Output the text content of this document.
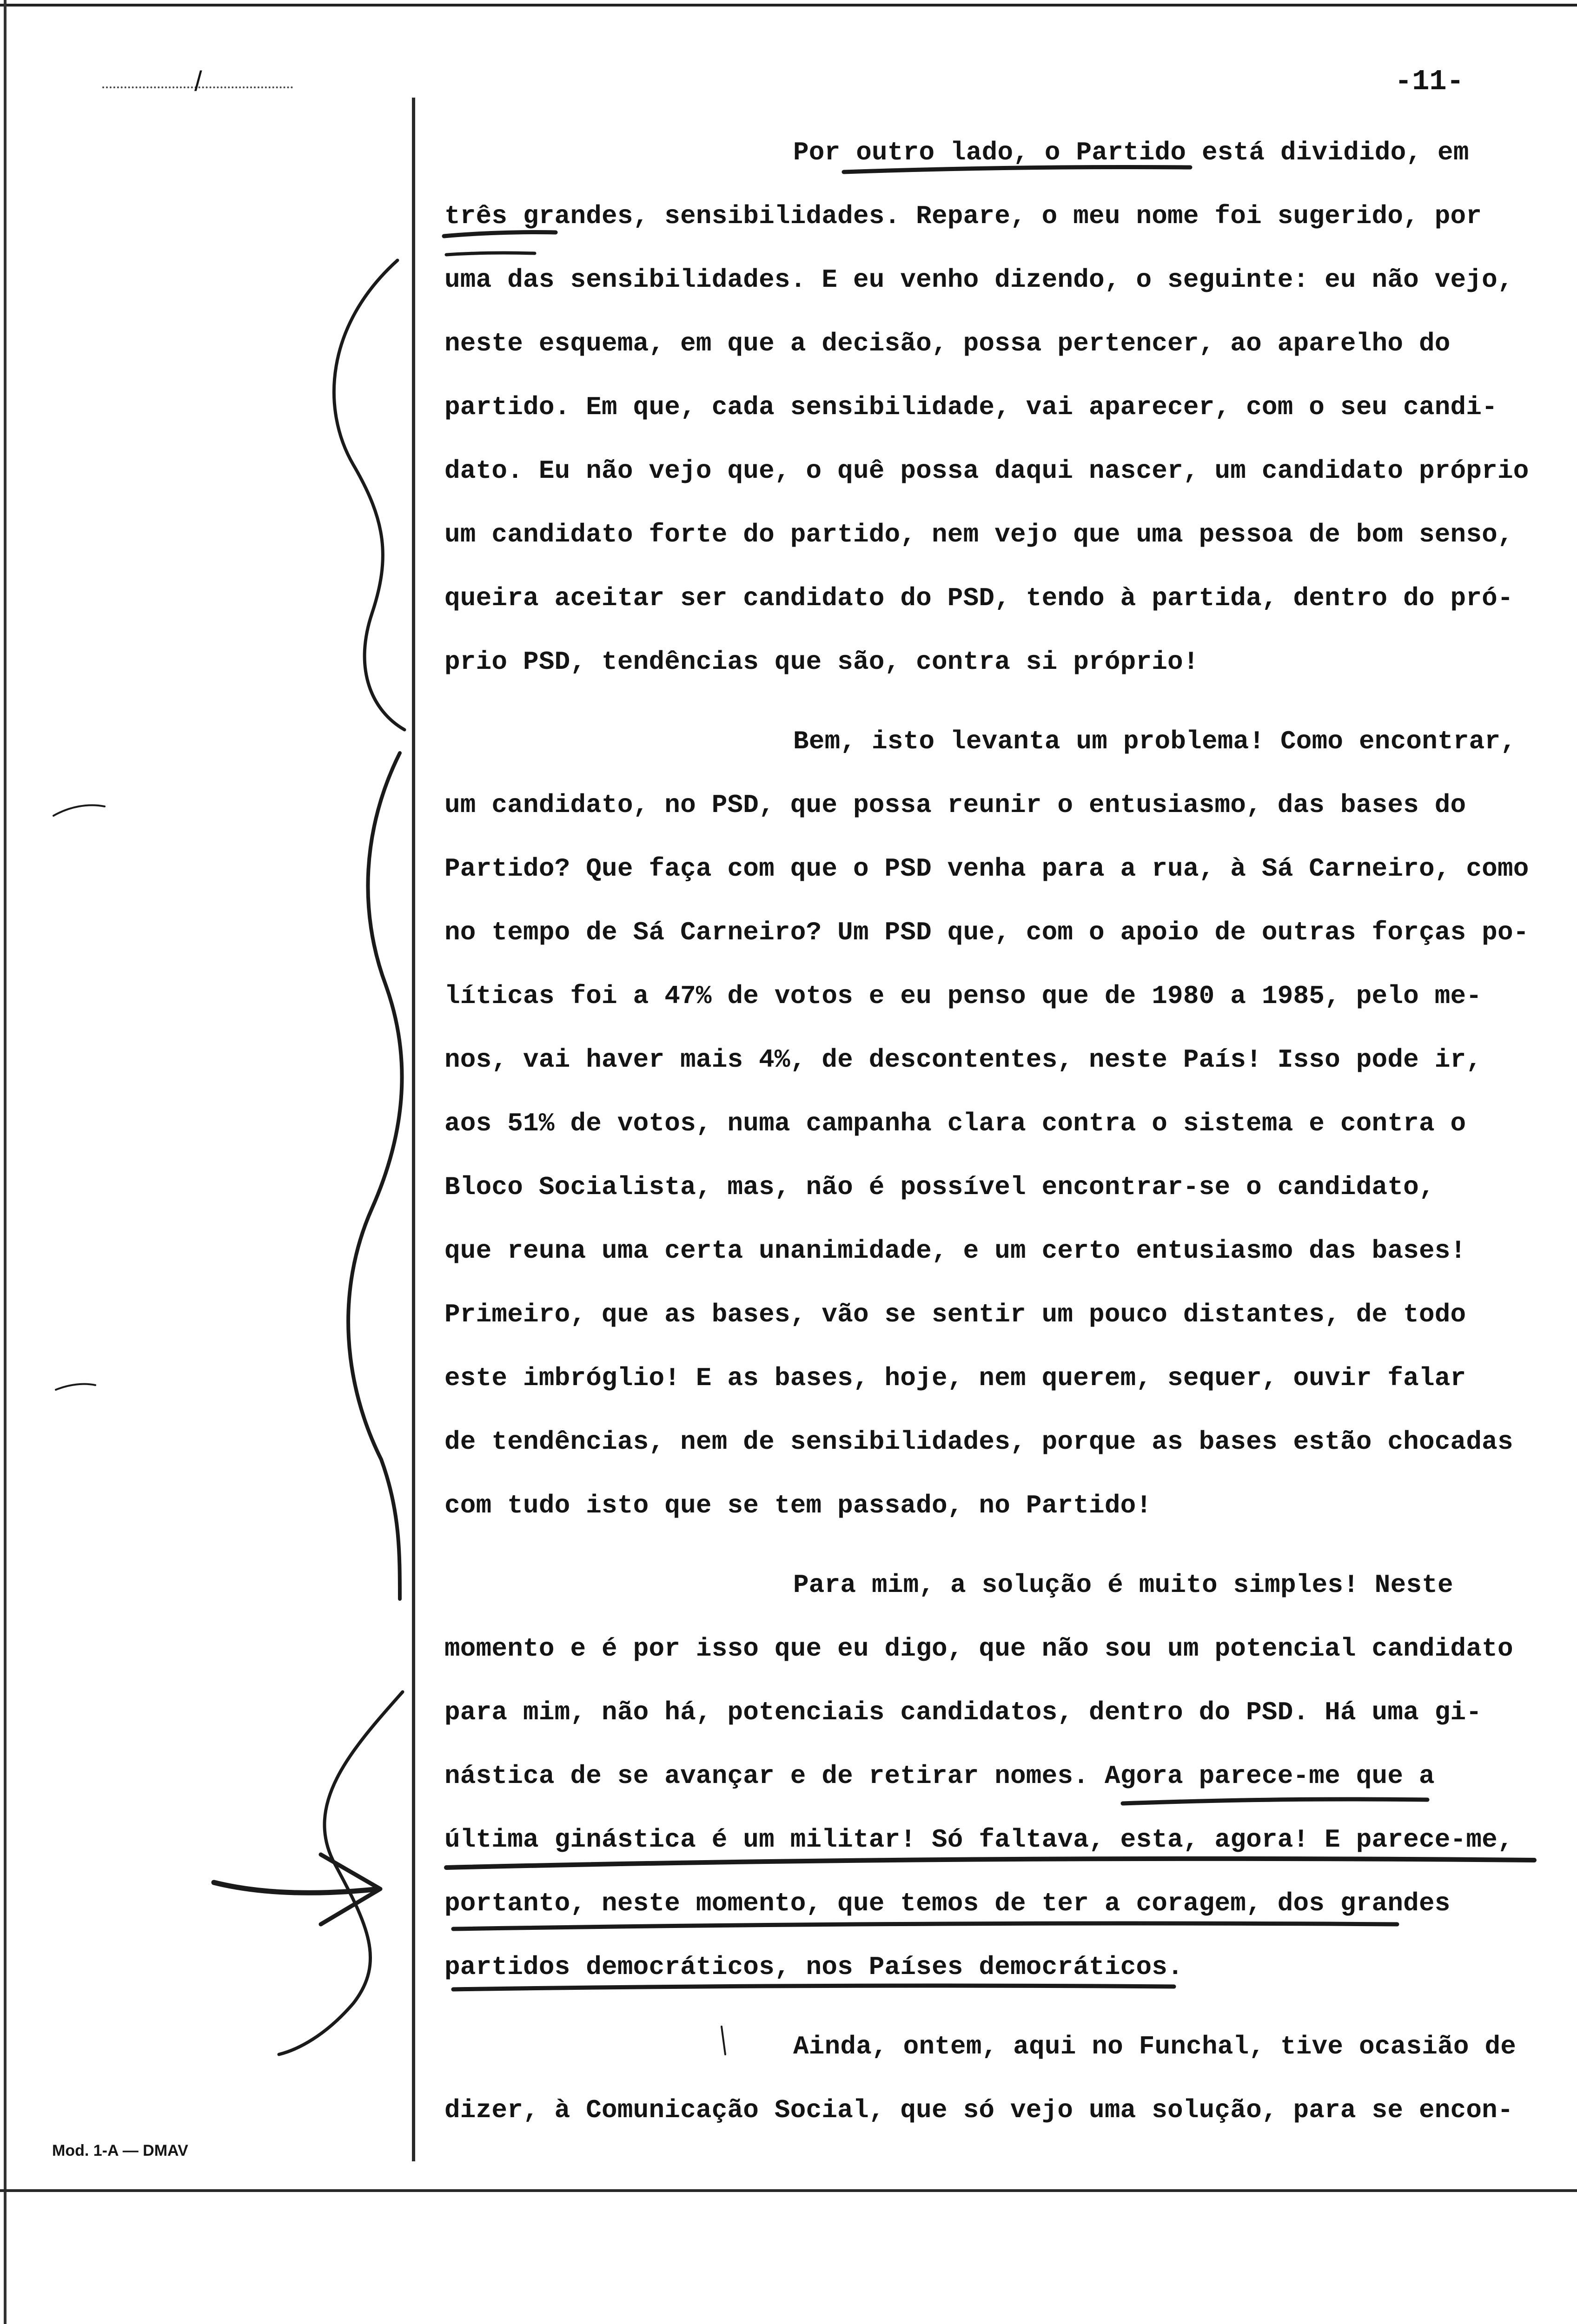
/	-11-
Por outro lado, o Partido está dividido, em
três grandes, sensibilidades. Repare, o meu nome foi sugerido, por
uma das sensibilidades. E eu venho dizendo, o seguinte: eu não vejo,
neste esquema, em que a decisão, possa pertencer, ao aparelho do
partido. Em que, cada sensibilidade, vai aparecer, com o seu candi-
dato. Eu não vejo que, o quê possa daqui nascer, um candidato próprio
um candidato forte do partido, nem vejo que uma pessoa de bom senso,
queira aceitar ser candidato do PSD, tendo à partida, dentro do pró-
prio PSD, tendências que são, contra si próprio!
Bem, isto levanta um problema! Como encontrar,
um candidato, no PSD, que possa reunir o entusiasmo, das bases do
Partido? Que faça com que o PSD venha para a rua, à Sá Carneiro, como
no tempo de Sá Carneiro? Um PSD que, com o apoio de outras forças po-
líticas foi a 47% de votos e eu penso que de 1980 a 1985, pelo me-
nos, vai haver mais 4%, de descontentes, neste País! Isso pode ir,
aos 51% de votos, numa campanha clara contra o sistema e contra o
Bloco Socialista, mas, não é possível encontrar-se o candidato,
que reuna uma certa unanimidade, e um certo entusiasmo das bases!
Primeiro, que as bases, vão se sentir um pouco distantes, de todo
este imbróglio! E as bases, hoje, nem querem, sequer, ouvir falar
de tendências, nem de sensibilidades, porque as bases estão chocadas
com tudo isto que se tem passado, no Partido!
Para mim, a solução é muito simples! Neste
momento e é por isso que eu digo, que não sou um potencial candidato
para mim, não há, potenciais candidatos, dentro do PSD. Há uma gi-
nástica de se avançar e de retirar nomes. Agora parece-me que a
última ginástica é um militar! Só faltava, esta, agora! E parece-me,
portanto, neste momento, que temos de ter a coragem, dos grandes
partidos democráticos, nos Países democráticos.
Ainda, ontem, aqui no Funchal, tive ocasião de
dizer, à Comunicação Social, que só vejo uma solução, para se encon-
Mod. 1-A — DMAV
